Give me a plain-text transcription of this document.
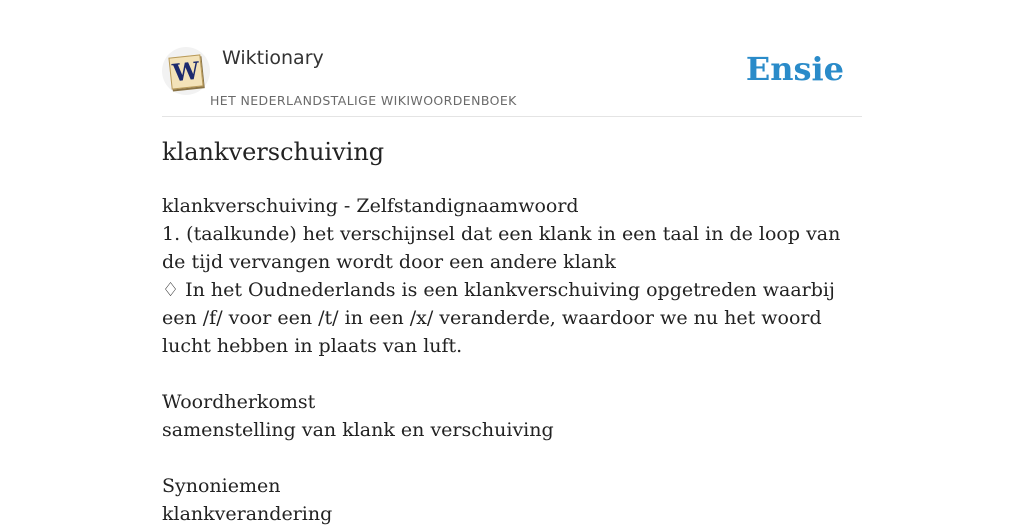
W Wiktionary
HET NEDERLANDSTALIGE WIKIWOORDENBOEK
Ensie
klankverschuiving
klankverschuiving - Zelfstandignaamwoord
1. (taalkunde) het verschijnsel dat een klank in een taal in de loop van de tijd vervangen wordt door een andere klank
♢ In het Oudnederlands is een klankverschuiving opgetreden waarbij een /f/ voor een /t/ in een /x/ veranderde, waardoor we nu het woord lucht hebben in plaats van luft.
Woordherkomst
samenstelling van klank en verschuiving
Synoniemen
klankverandering
